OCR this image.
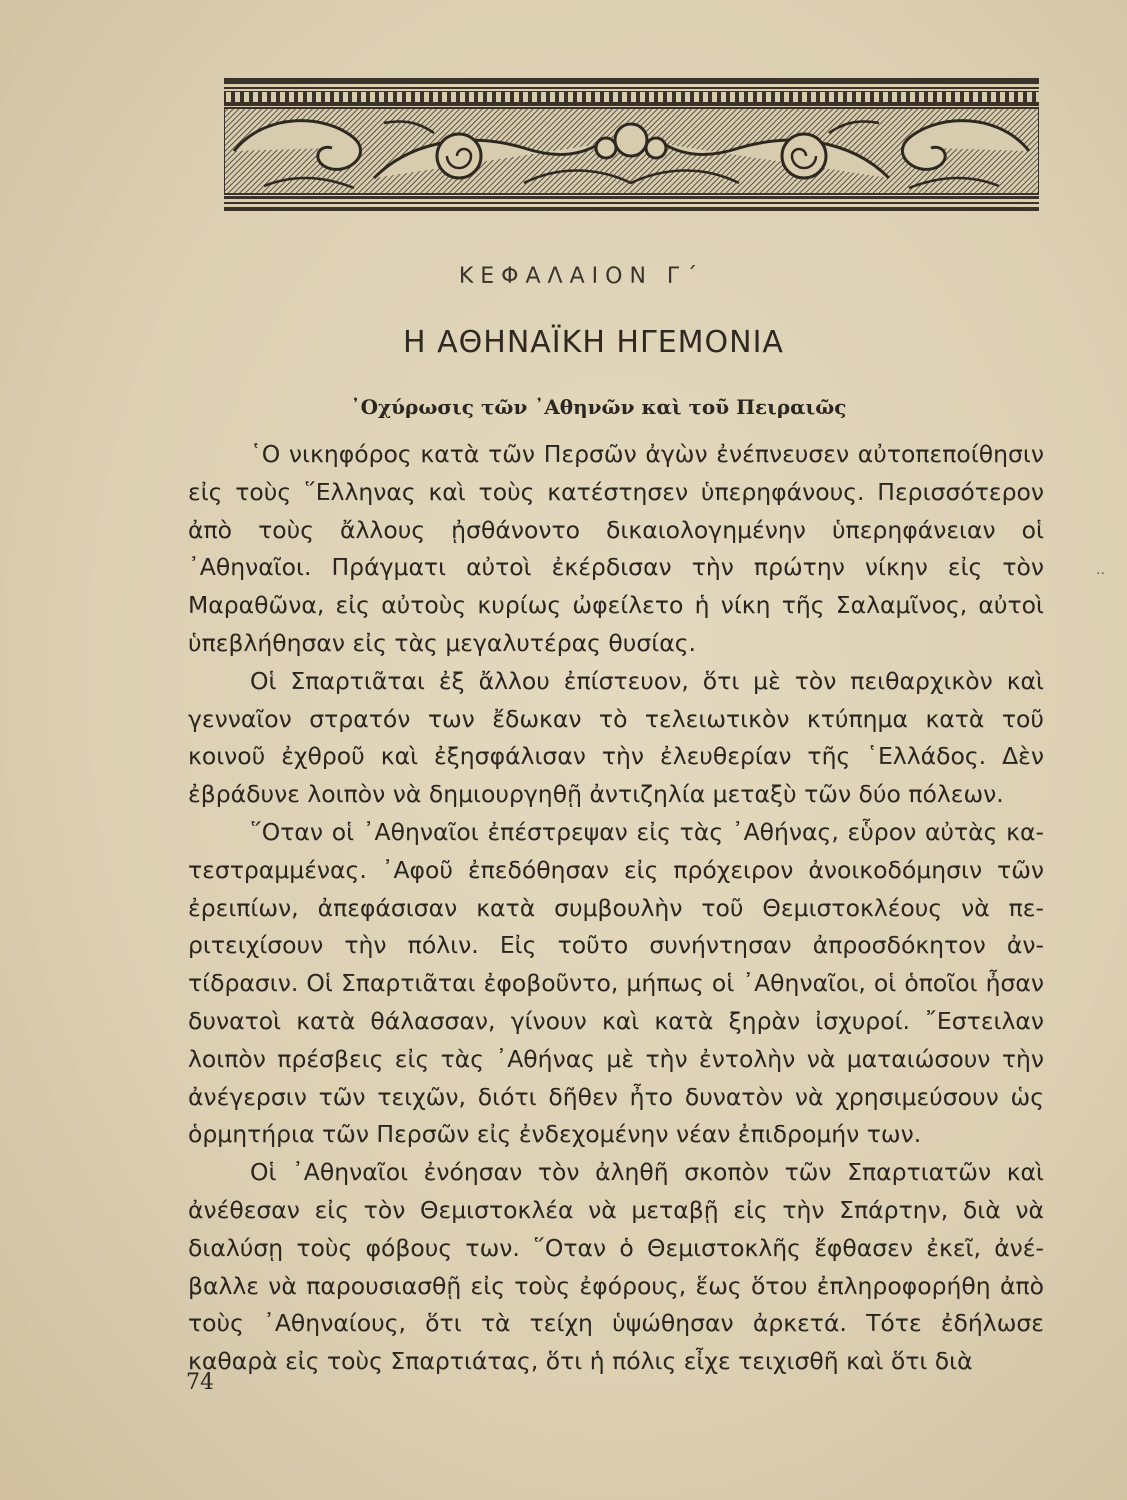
ΚΕΦΑΛΑΙΟΝ Γ΄
Η ΑΘΗΝΑΪΚΗ ΗΓΕΜΟΝΙΑ
᾿Οχύρωσις τῶν ᾿Αθηνῶν καὶ τοῦ Πειραιῶς

῾Ο νικηφόρος κατὰ τῶν Περσῶν ἀγὼν ἐνέπνευσεν αὐτοπεποίθησιν εἰς τοὺς ῞Ελληνας καὶ τοὺς κατέστησεν ὑπερηφάνους. Περισσότερον ἀπὸ τοὺς ἄλλους ᾐσθάνοντο δικαιολογημένην ὑπερηφάνειαν οἱ ᾿Αθηναῖοι. Πράγματι αὐτοὶ ἐκέρδισαν τὴν πρώτην νίκην εἰς τὸν Μαραθῶνα, εἰς αὐτοὺς κυρίως ὠφείλετο ἡ νίκη τῆς Σαλαμῖνος, αὐτοὶ ὑπεβλήθησαν εἰς τὰς μεγαλυτέρας θυσίας.

Οἱ Σπαρτιᾶται ἐξ ἄλλου ἐπίστευον, ὅτι μὲ τὸν πειθαρχικὸν καὶ γενναῖον στρατόν των ἔδωκαν τὸ τελειωτικὸν κτύπημα κατὰ τοῦ κοινοῦ ἐχθροῦ καὶ ἐξησφάλισαν τὴν ἐλευθερίαν τῆς ῾Ελλάδος. Δὲν ἐβράδυνε λοιπὸν νὰ δημιουργηθῇ ἀντιζηλία μεταξὺ τῶν δύο πόλεων.

῞Οταν οἱ ᾿Αθηναῖοι ἐπέστρεψαν εἰς τὰς ᾿Αθήνας, εὗρον αὐτὰς κατεστραμμένας. ᾿Αφοῦ ἐπεδόθησαν εἰς πρόχειρον ἀνοικοδόμησιν τῶν ἐρειπίων, ἀπεφάσισαν κατὰ συμβουλὴν τοῦ Θεμιστοκλέους νὰ περιτειχίσουν τὴν πόλιν. Εἰς τοῦτο συνήντησαν ἀπροσδόκητον ἀντίδρασιν. Οἱ Σπαρτιᾶται ἐφοβοῦντο, μήπως οἱ ᾿Αθηναῖοι, οἱ ὁποῖοι ἦσαν δυνατοὶ κατὰ θάλασσαν, γίνουν καὶ κατὰ ξηρὰν ἰσχυροί. ῎Εστειλαν λοιπὸν πρέσβεις εἰς τὰς ᾿Αθήνας μὲ τὴν ἐντολὴν νὰ ματαιώσουν τὴν ἀνέγερσιν τῶν τειχῶν, διότι δῆθεν ἦτο δυνατὸν νὰ χρησιμεύσουν ὡς ὁρμητήρια τῶν Περσῶν εἰς ἐνδεχομένην νέαν ἐπιδρομήν των.

Οἱ ᾿Αθηναῖοι ἐνόησαν τὸν ἀληθῆ σκοπὸν τῶν Σπαρτιατῶν καὶ ἀνέθεσαν εἰς τὸν Θεμιστοκλέα νὰ μεταβῇ εἰς τὴν Σπάρτην, διὰ νὰ διαλύσῃ τοὺς φόβους των. ῞Οταν ὁ Θεμιστοκλῆς ἔφθασεν ἐκεῖ, ἀνέβαλλε νὰ παρουσιασθῇ εἰς τοὺς ἐφόρους, ἕως ὅτου ἐπληροφορήθη ἀπὸ τοὺς ᾿Αθηναίους, ὅτι τὰ τείχη ὑψώθησαν ἀρκετά. Τότε ἐδήλωσε καθαρὰ εἰς τοὺς Σπαρτιάτας, ὅτι ἡ πόλις εἶχε τειχισθῆ καὶ ὅτι διὰ

..
74
